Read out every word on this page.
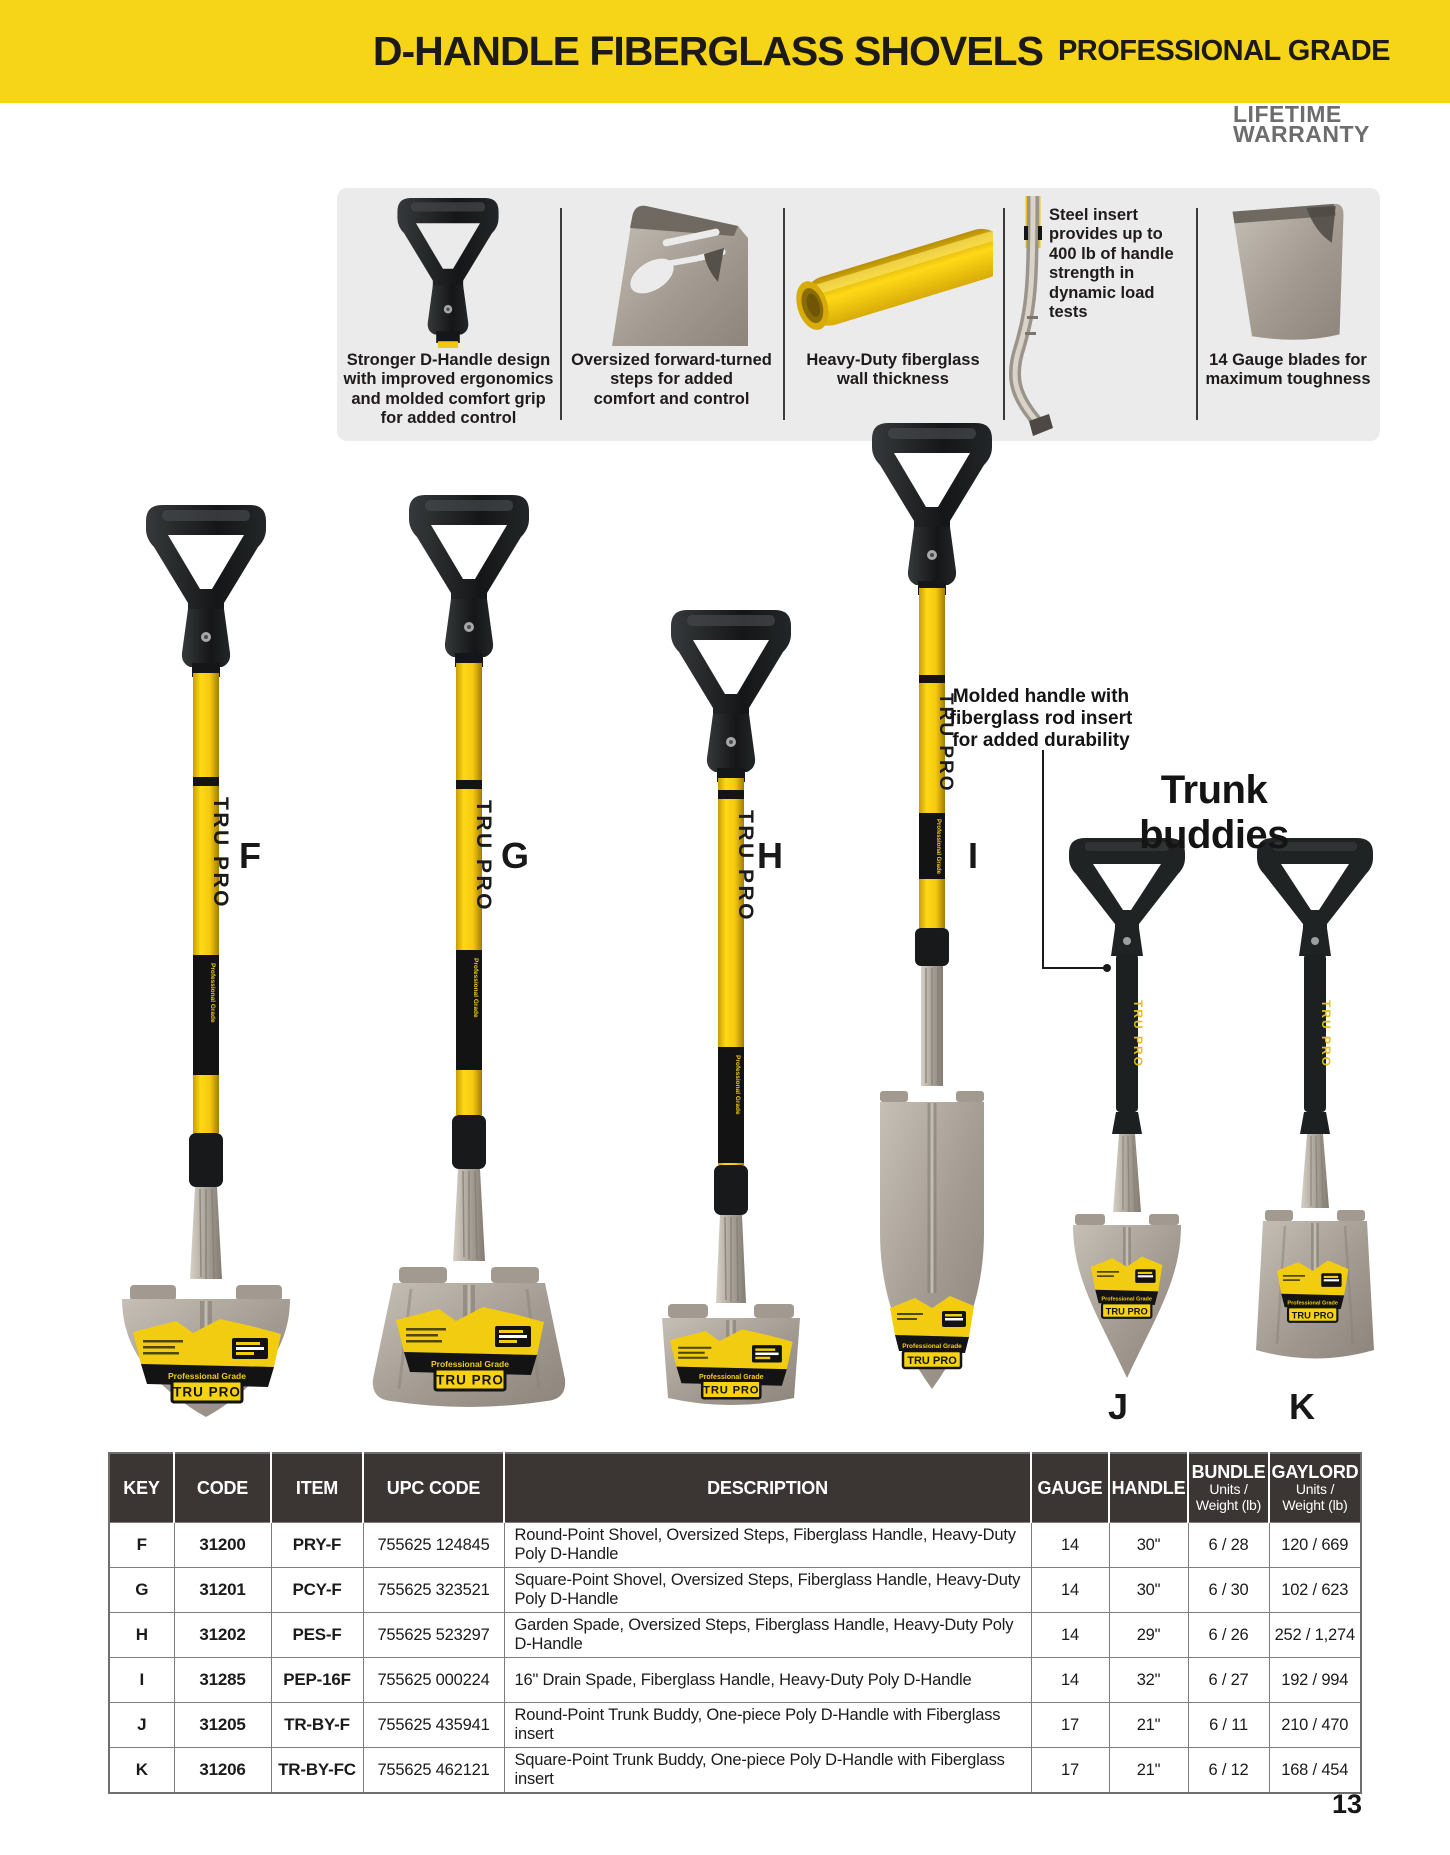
D-HANDLE FIBERGLASS SHOVELS PROFESSIONAL GRADE
LIFETIME
WARRANTY
Stronger D-Handle design
with improved ergonomics
and molded comfort grip
for added control
Oversized forward-turned
steps for added
comfort and control
Heavy-Duty fiberglass
wall thickness
Steel insert
provides up to
400 lb of handle
strength in
dynamic load
tests
14 Gauge blades for
maximum toughness
TRU PRO
Professional Grade
TRU PRO
Professional Grade
TRU PRO
Professional Grade
TRU PRO
Professional Grade
TRU PRO	TRU PRO
F	G	H	I
J	K
Molded handle with
fiberglass rod insert
for added durability
Trunk buddies
KEY	CODE	ITEM	UPC CODE	DESCRIPTION	GAUGE	HANDLE	BUNDLE
Units /
Weight (lb)	GAYLORD
Units /
Weight (lb)

F	31200	PRY-F	755625 124845	Round-Point Shovel, Oversized Steps, Fiberglass Handle, Heavy-Duty Poly D-Handle	14	30"	6 / 28	120 / 669
G	31201	PCY-F	755625 323521	Square-Point Shovel, Oversized Steps, Fiberglass Handle, Heavy-Duty Poly D-Handle	14	30"	6 / 30	102 / 623
H	31202	PES-F	755625 523297	Garden Spade, Oversized Steps, Fiberglass Handle, Heavy-Duty Poly D-Handle	14	29"	6 / 26	252 / 1,274
I	31285	PEP-16F	755625 000224	16" Drain Spade, Fiberglass Handle, Heavy-Duty Poly D-Handle	14	32"	6 / 27	192 / 994
J	31205	TR-BY-F	755625 435941	Round-Point Trunk Buddy, One-piece Poly D-Handle with Fiberglass insert	17	21"	6 / 11	210 / 470
K	31206	TR-BY-FC	755625 462121	Square-Point Trunk Buddy, One-piece Poly D-Handle with Fiberglass insert	17	21"	6 / 12	168 / 454
13
